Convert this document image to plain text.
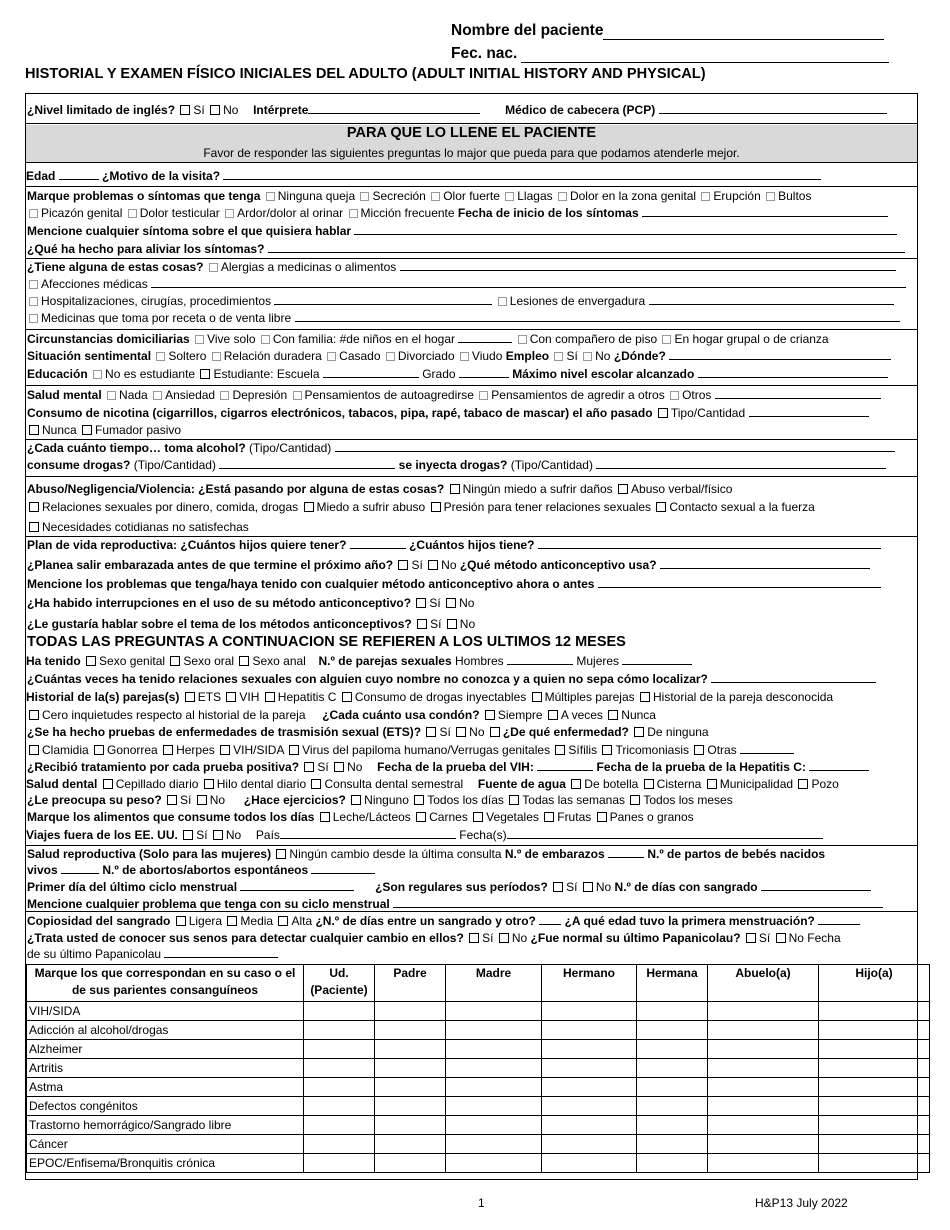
Nombre del paciente
Fec. nac.
HISTORIAL Y EXAMEN FÍSICO INICIALES DEL ADULTO (ADULT INITIAL HISTORY AND PHYSICAL)
¿Nivel limitado de inglés? Sí No Intérprete	Médico de cabecera (PCP)
PARA QUE LO LLENE EL PACIENTE
Favor de responder las siguientes preguntas lo major que pueda para que podamos atenderle mejor.
Edad	¿Motivo de la visita?
Marque problemas o síntomas que tenga Ninguna queja Secreción Olor fuerte Llagas Dolor en la zona genital Erupción Bultos
Picazón genital Dolor testicular Ardor/dolor al orinar Micción frecuente Fecha de inicio de los síntomas
Mencione cualquier síntoma sobre el que quisiera hablar
¿Qué ha hecho para aliviar los síntomas?
¿Tiene alguna de estas cosas? Alergias a medicinas o alimentos
Afecciones médicas
Hospitalizaciones, cirugías, procedimientos	Lesiones de envergadura
Medicinas que toma por receta o de venta libre
Circunstancias domiciliarias Vive solo Con familia: #de niños en el hogar	Con compañero de piso En hogar grupal o de crianza
Situación sentimental Soltero Relación duradera Casado Divorciado Viudo Empleo Sí No ¿Dónde?
Educación No es estudiante Estudiante: Escuela	Grado	Máximo nivel escolar alcanzado
Salud mental Nada Ansiedad Depresión Pensamientos de autoagredirse Pensamientos de agredir a otros Otros
Consumo de nicotina (cigarrillos, cigarros electrónicos, tabacos, pipa, rapé, tabaco de mascar) el año pasado Tipo/Cantidad
Nunca Fumador pasivo
¿Cada cuánto tiempo… toma alcohol? (Tipo/Cantidad)
consume drogas? (Tipo/Cantidad)	se inyecta drogas? (Tipo/Cantidad)
Abuso/Negligencia/Violencia: ¿Está pasando por alguna de estas cosas? Ningún miedo a sufrir daños Abuso verbal/físico
Relaciones sexuales por dinero, comida, drogas Miedo a sufrir abuso Presión para tener relaciones sexuales Contacto sexual a la fuerza
Necesidades cotidianas no satisfechas
Plan de vida reproductiva: ¿Cuántos hijos quiere tener?	¿Cuántos hijos tiene?
¿Planea salir embarazada antes de que termine el próximo año? Sí No ¿Qué método anticonceptivo usa?
Mencione los problemas que tenga/haya tenido con cualquier método anticonceptivo ahora o antes
¿Ha habido interrupciones en el uso de su método anticonceptivo? Sí No
¿Le gustaría hablar sobre el tema de los métodos anticonceptivos? Sí No
TODAS LAS PREGUNTAS A CONTINUACION SE REFIEREN A LOS ULTIMOS 12 MESES
Ha tenido Sexo genital Sexo oral Sexo anal N.º de parejas sexuales Hombres	Mujeres
¿Cuántas veces ha tenido relaciones sexuales con alguien cuyo nombre no conozca y a quien no sepa cómo localizar?
Historial de la(s) parejas(s) ETS VIH Hepatitis C Consumo de drogas inyectables Múltiples parejas Historial de la pareja desconocida
Cero inquietudes respecto al historial de la pareja ¿Cada cuánto usa condón? Siempre A veces Nunca
¿Se ha hecho pruebas de enfermedades de trasmisión sexual (ETS)? Sí No ¿De qué enfermedad? De ninguna
Clamidia Gonorrea Herpes VIH/SIDA Virus del papiloma humano/Verrugas genitales Sífilis Tricomoniasis Otras
¿Recibió tratamiento por cada prueba positiva? Sí No Fecha de la prueba del VIH:	Fecha de la prueba de la Hepatitis C:
Salud dental Cepillado diario Hilo dental diario Consulta dental semestral Fuente de agua De botella Cisterna Municipalidad Pozo
¿Le preocupa su peso? Sí No ¿Hace ejercicios? Ninguno Todos los días Todas las semanas Todos los meses
Marque los alimentos que consume todos los días Leche/Lácteos Carnes Vegetales Frutas Panes o granos
Viajes fuera de los EE. UU. Sí No País	Fecha(s)
Salud reproductiva (Solo para las mujeres) Ningún cambio desde la última consulta N.º de embarazos	N.º de partos de bebés nacidos
vivos	N.º de abortos/abortos espontáneos
Primer día del último ciclo menstrual	¿Son regulares sus períodos? Sí No N.º de días con sangrado
Mencione cualquier problema que tenga con su ciclo menstrual
Copiosidad del sangrado Ligera Media Alta ¿N.º de días entre un sangrado y otro? ¿A qué edad tuvo la primera menstruación?
¿Trata usted de conocer sus senos para detectar cualquier cambio en ellos? Sí No ¿Fue normal su último Papanicolau? Sí No Fecha
de su último Papanicolau
Marque los que correspondan en su caso o el de sus parientes consanguíneos	Ud. (Paciente)	Padre	Madre	Hermano	Hermana	Abuelo(a)	Hijo(a)
VIH/SIDA							
Adicción al alcohol/drogas							
Alzheimer							
Artritis							
Astma							
Defectos congénitos							
Trastorno hemorrágico/Sangrado libre							
Cáncer							
EPOC/Enfisema/Bronquitis crónica							
1	H&P13 July 2022
